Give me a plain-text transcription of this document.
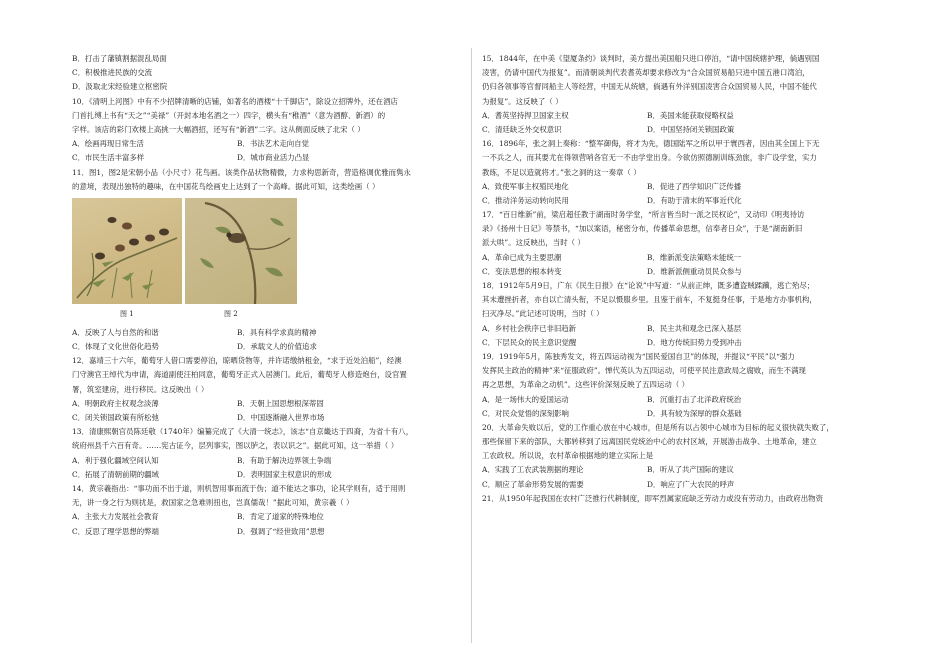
B．打击了藩镇割据混乱局面
C．积极推进民族的交流
D．汲取北宋经验建立枢密院
10．《清明上河图》中有不少招牌清晰的店铺，如著名的酒楼“十千脚店”，除设立招牌外，还在酒店
门首扎缚上书有“天之”“美禄”（开封本地名酒之一）四字，横头有“稚酒”（意为酒醇、新酒）的
字样。该店的彩门欢楼上高挑一大幅酒招，还写有“新酒”二字。这从侧面反映了北宋（ ）
A．绘画再现日常生活	B．书法艺术走向自觉
C．市民生活丰富多样	D．城市商业活力凸显
11．图1，图2是宋朝小品（小尺寸）花鸟画。该类作品状物精微，力求构思新奇，营造格调优雅而隽永
的意境，表现出独特的趣味，在中国花鸟绘画史上达到了一个高峰。据此可知，这类绘画（ ）
图 1	图 2
A．反映了人与自然的和谐	B．具有科学求真的精神
C．体现了文化世俗化趋势	D．承载文人的价值追求
12．嘉靖三十六年，葡萄牙人借口需要停泊，晾晒货物等，并许诺缴纳租金，“求于近处泊船”，经澳
门守澳官王绰代为申请，海道副使汪柏同意，葡萄牙正式入居澳门。此后，葡萄牙人修造炮台，设官置
署，筑室建房，进行移民。这反映出（ ）
A．明朝政府主权观念淡薄	B．天朝上国思想根深蒂固
C．闭关锁国政策有所松弛	D．中国逐渐融入世界市场
13．清康熙朝官员陈廷敬（1740年）编纂完成了《大清一统志》，该志“自京畿达于四裔，为省十有八，
统府州县千六百有奇。……宪古证今，层列事实，图以胪之，表以识之”。据此可知，这一举措（ ）
A．利于强化疆域空间认知	B．有助于解决边界领土争端
C．拓展了清朝前期的疆域	D．表明国家主权意识的形成
14．黄宗羲指出：“事功而不出于道，则机智用事而流于伪；道不能达之事功，论其学则有，适于用则
无，讲一身之行为则扰是，救国家之急难则扭也，岂真儒哉！”据此可知，黄宗羲（ ）
A．主张大力发展社会教育	B．肯定了道家的特殊地位
C．反思了理学思想的弊端	D．强调了“经世致用”思想
15．1844年，在中美《望厦条约》谈判时，美方提出美国船只进口停泊，“请中国统辖护理，倘遇别国
凌害，仍请中国代为报复”。而清朝谈判代表耆英却要求修改为“合众国贸易船只进中国五港口湾泊，
仍归各领事等官督同船主人等经营，中国无从统辖，倘遇有外洋别国凌害合众国贸易人民，中国不能代
为报复”。这反映了（ ）
A．耆英坚持捍卫国家主权	B．美国未能获取侵略权益
C．清廷缺乏外交权意识	D．中国坚持闭关锁国政策
16．1896年，张之洞上奏称：“整军御侮，将才为先，德国陆军之所以甲于寰西者，因由其全国上下无
一不兵之人，而其要尤在得领营哨各官无一不由学堂出身。今欲仿照德制训练劲旅，非广设学堂，实力
教练，不足以造就将才。”张之洞的这一奏章（ ）
A．致使军事主权殖民地化	B．促进了西学知识广泛传播
C．推动洋务运动转向民用	D．有助于清末的军事近代化
17．“百日维新”前，梁启超任教于湖南时务学堂，“所言皆当时一派之民权论”，又动印《明夷待访
录》《扬州十日记》等禁书，“加以案语，秘密分布，传播革命思想，信奉者日众”，于是“湖南新旧
派大哄”。这反映出，当时（ ）
A．革命已成为主要思潮	B．维新派变法策略未能统一
C．变法思想的根本转变	D．维新派侧重动员民众参与
18．1912年5月9日，广东《民生日报》在“论说”中写道：“从前正绅，既多遭盗贼蹂躏，逃亡殆尽；
其未遭挫折者，亦自以亡清头衔，不足以慑服乡里。且鉴于前车，不复挺身任事，于是地方办事机构，
扫灭净尽。”此记述可说明，当时（ ）
A．乡村社会秩序已非旧趋新	B．民主共和观念已深入基层
C．下层民众的民主意识觉醒	D．地方传统旧势力受到冲击
19．1919年5月，陈独秀发文，将五四运动视为“国民爱国自卫”的体现，并提议“平民”以“强力
发挥民主政治的精神”来“征服政府”。惮代英认为五四运动，可使平民注意政局之腐败，而生不满现
再之思想，为革命之动机”。这些评价深刻反映了五四运动（ ）
A．是一场伟大的爱国运动	B．沉重打击了北洋政府统治
C．对民众觉悟的深刻影响	D．具有较为深厚的群众基础
20．大革命失败以后，党的工作重心放在中心城市，但是所有以占领中心城市为目标的起义很快就失败了，
那些保留下来的部队，大都转移到了远离国民党统治中心的农村区域，开展游击战争、土地革命，建立
工农政权。所以说，农村革命根据地的建立实际上是
A．实践了工农武装割据的理论	B．听从了共产国际的建议
C．顺应了革命形势发展的需要	D．响应了广大农民的呼声
21．从1950年起我国在农村广泛推行代耕制度，即军烈属家庭缺乏劳动力或没有劳动力，由政府出物资
